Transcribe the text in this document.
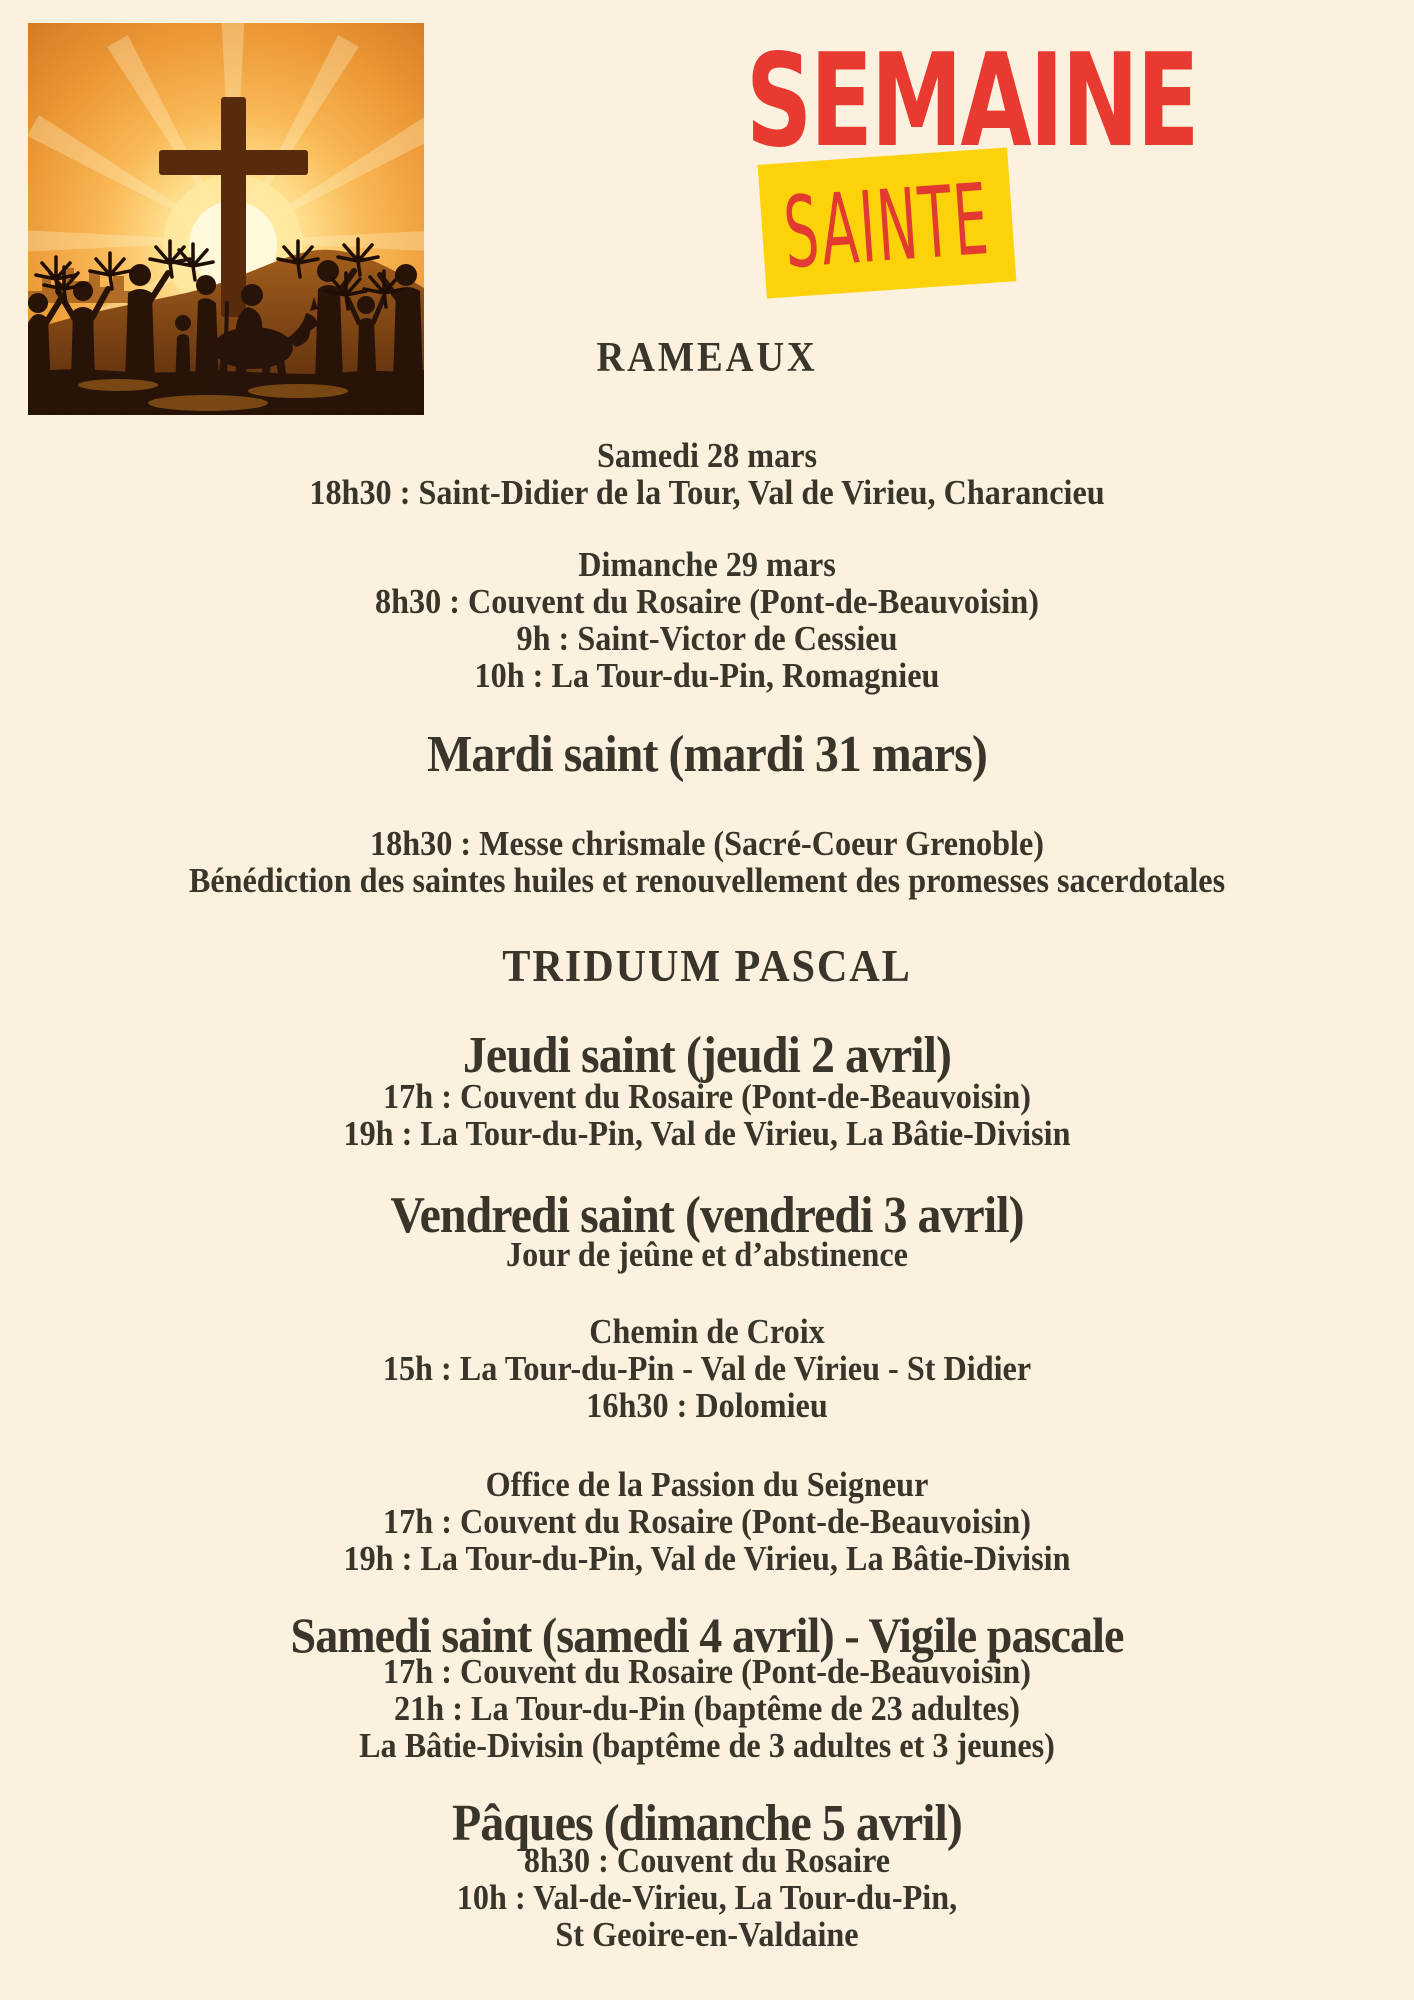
SEMAINE
SAINTE
RAMEAUX
Samedi 28 mars
18h30 : Saint-Didier de la Tour, Val de Virieu, Charancieu
Dimanche 29 mars
8h30 : Couvent du Rosaire (Pont-de-Beauvoisin)
9h : Saint-Victor de Cessieu
10h : La Tour-du-Pin, Romagnieu
Mardi saint (mardi 31 mars)
18h30 : Messe chrismale (Sacré-Coeur Grenoble)
Bénédiction des saintes huiles et renouvellement des promesses sacerdotales
TRIDUUM PASCAL
Jeudi saint (jeudi 2 avril)
17h : Couvent du Rosaire (Pont-de-Beauvoisin)
19h : La Tour-du-Pin, Val de Virieu, La Bâtie-Divisin
Vendredi saint (vendredi 3 avril)
Jour de jeûne et d’abstinence
Chemin de Croix
15h : La Tour-du-Pin - Val de Virieu - St Didier
16h30 : Dolomieu
Office de la Passion du Seigneur
17h : Couvent du Rosaire (Pont-de-Beauvoisin)
19h : La Tour-du-Pin, Val de Virieu, La Bâtie-Divisin
Samedi saint (samedi 4 avril) - Vigile pascale
17h : Couvent du Rosaire (Pont-de-Beauvoisin)
21h : La Tour-du-Pin (baptême de 23 adultes)
La Bâtie-Divisin (baptême de 3 adultes et 3 jeunes)
Pâques (dimanche 5 avril)
8h30 : Couvent du Rosaire
10h : Val-de-Virieu, La Tour-du-Pin,
St Geoire-en-Valdaine
